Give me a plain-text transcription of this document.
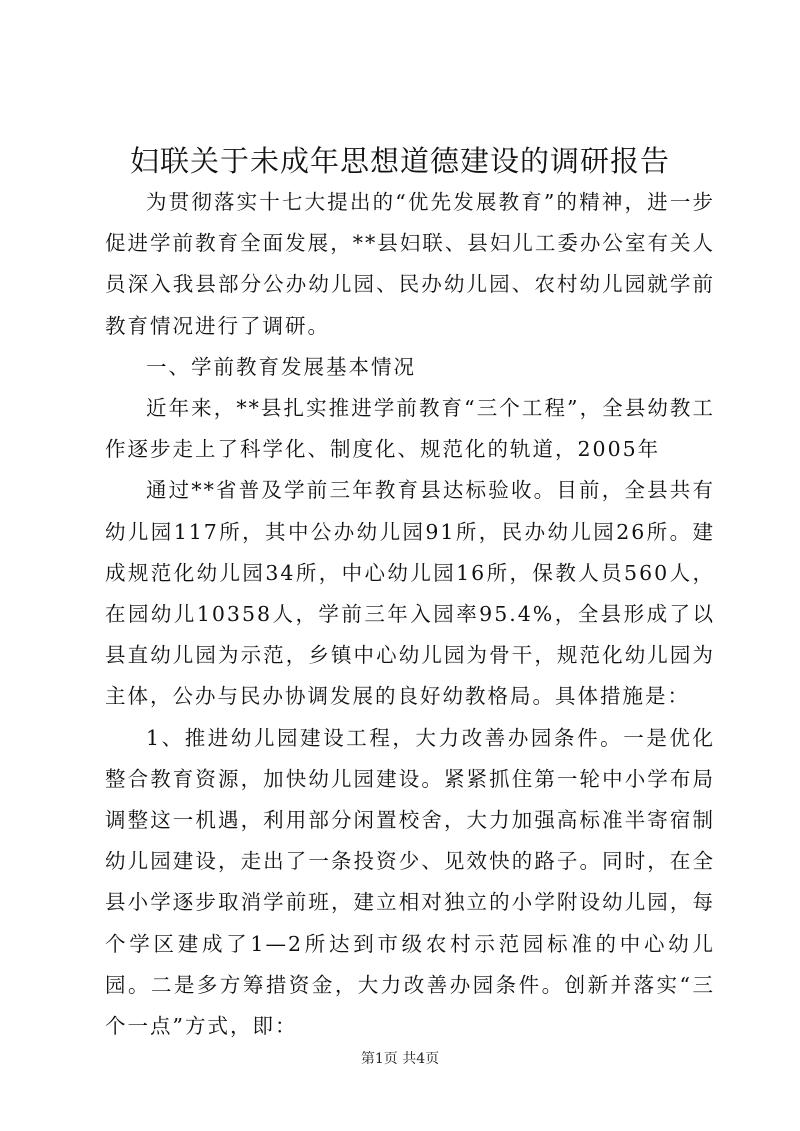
妇联关于未成年思想道德建设的调研报告

为贯彻落实十七大提出的“优先发展教育”的精神，进一步促进学前教育全面发展，**县妇联、县妇儿工委办公室有关人员深入我县部分公办幼儿园、民办幼儿园、农村幼儿园就学前教育情况进行了调研。

一、学前教育发展基本情况

近年来，**县扎实推进学前教育“三个工程”，全县幼教工作逐步走上了科学化、制度化、规范化的轨道，2005年

通过**省普及学前三年教育县达标验收。目前，全县共有幼儿园117所，其中公办幼儿园91所，民办幼儿园26所。建成规范化幼儿园34所，中心幼儿园16所，保教人员560人，在园幼儿10358人，学前三年入园率95.4%，全县形成了以县直幼儿园为示范，乡镇中心幼儿园为骨干，规范化幼儿园为主体，公办与民办协调发展的良好幼教格局。具体措施是：

1、推进幼儿园建设工程，大力改善办园条件。一是优化整合教育资源，加快幼儿园建设。紧紧抓住第一轮中小学布局调整这一机遇，利用部分闲置校舍，大力加强高标准半寄宿制幼儿园建设，走出了一条投资少、见效快的路子。同时，在全县小学逐步取消学前班，建立相对独立的小学附设幼儿园，每个学区建成了1—2所达到市级农村示范园标准的中心幼儿园。二是多方筹措资金，大力改善办园条件。创新并落实“三个一点”方式，即：

第1页 共4页
